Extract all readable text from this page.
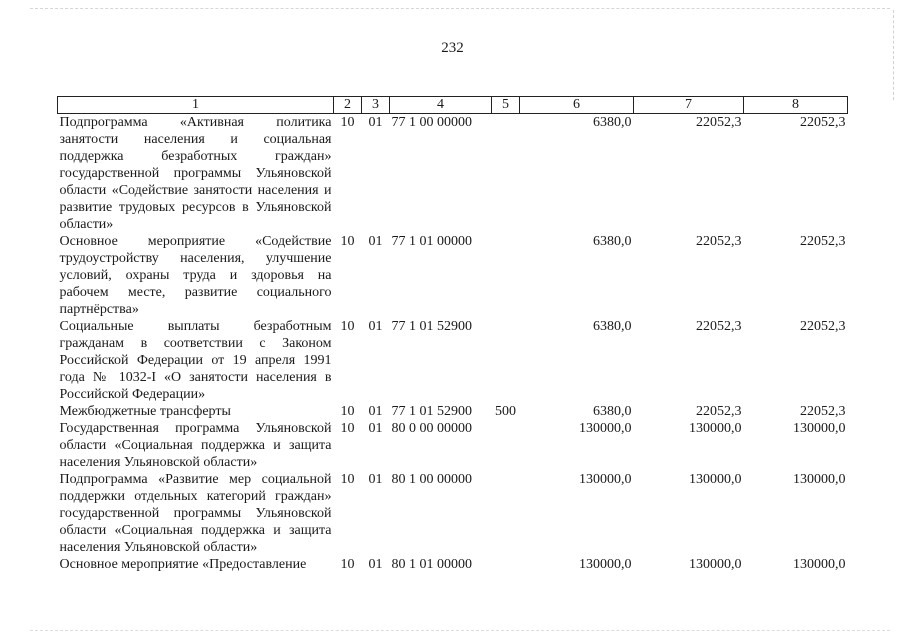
232
1	2	3	4	5	6	7	8
Подпрограмма «Активная политика занятости населения и социальная поддержка безработных граждан» государственной программы Ульяновской области «Содействие занятости населения и развитие трудовых ресурсов в Ульяновской области»	10	01	77 1 00 00000		6380,0	22052,3	22052,3
Основное мероприятие «Содействие трудоустройству населения, улучшение условий, охраны труда и здоровья на рабочем месте, развитие социального партнёрства»	10	01	77 1 01 00000		6380,0	22052,3	22052,3
Социальные выплаты безработным гражданам в соответствии с Законом Российской Федерации от 19 апреля 1991 года № 1032-I «О занятости населения в Российской Федерации»	10	01	77 1 01 52900		6380,0	22052,3	22052,3
Межбюджетные трансферты	10	01	77 1 01 52900	500	6380,0	22052,3	22052,3
Государственная программа Ульяновской области «Социальная поддержка и защита населения Ульяновской области»	10	01	80 0 00 00000		130000,0	130000,0	130000,0
Подпрограмма «Развитие мер социальной поддержки отдельных категорий граждан» государственной программы Ульяновской области «Социальная поддержка и защита населения Ульяновской области»	10	01	80 1 00 00000		130000,0	130000,0	130000,0
Основное мероприятие «Предоставление	10	01	80 1 01 00000		130000,0	130000,0	130000,0
